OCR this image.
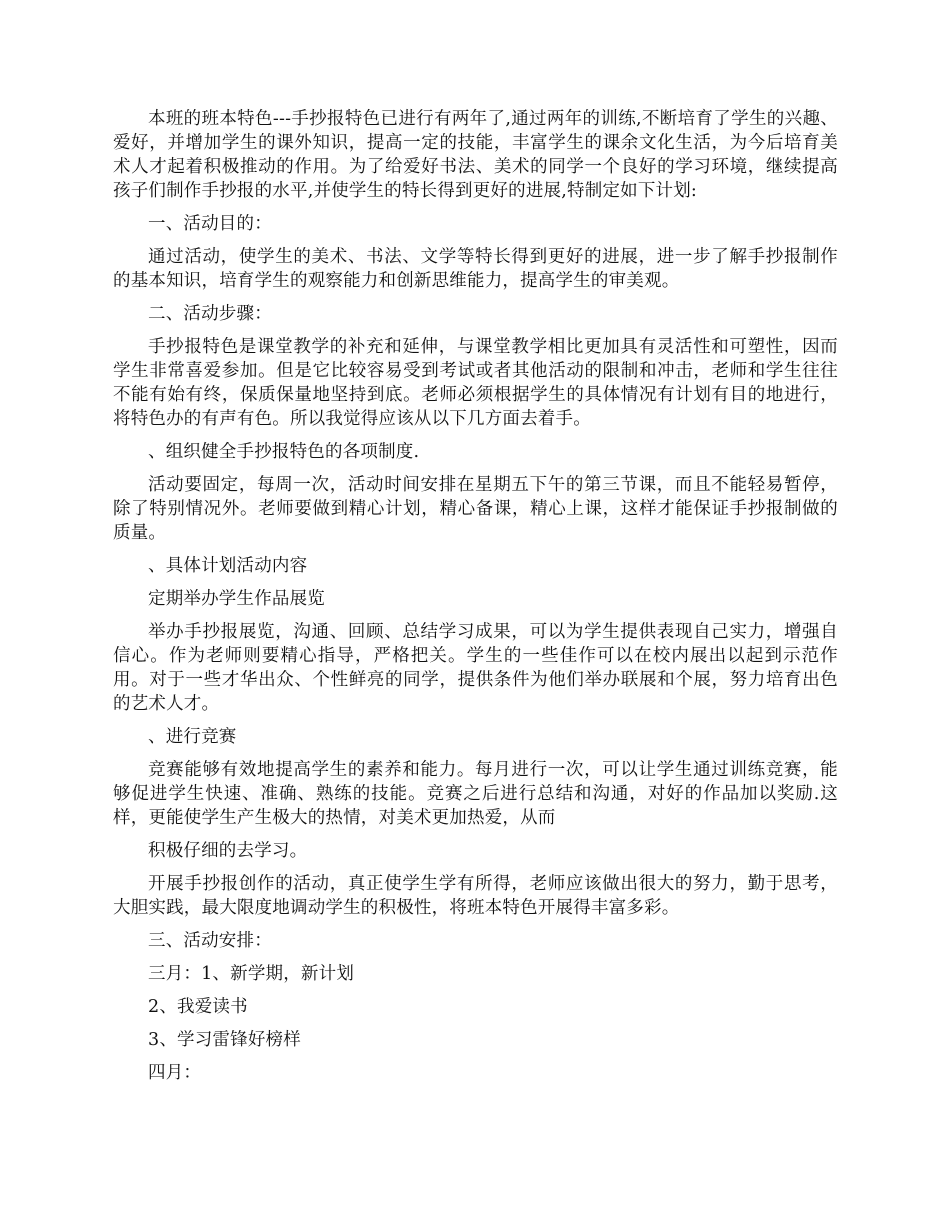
本班的班本特色---手抄报特色已进行有两年了,通过两年的训练,不断培育了学生的兴趣、爱好，并增加学生的课外知识，提高一定的技能，丰富学生的课余文化生活，为今后培育美术人才起着积极推动的作用。为了给爱好书法、美术的同学一个良好的学习环境，继续提高孩子们制作手抄报的水平,并使学生的特长得到更好的进展,特制定如下计划:

一、活动目的：

通过活动，使学生的美术、书法、文学等特长得到更好的进展，进一步了解手抄报制作的基本知识，培育学生的观察能力和创新思维能力，提高学生的审美观。

二、活动步骤：

手抄报特色是课堂教学的补充和延伸，与课堂教学相比更加具有灵活性和可塑性，因而学生非常喜爱参加。但是它比较容易受到考试或者其他活动的限制和冲击，老师和学生往往不能有始有终，保质保量地坚持到底。老师必须根据学生的具体情况有计划有目的地进行，将特色办的有声有色。所以我觉得应该从以下几方面去着手。

、组织健全手抄报特色的各项制度.

活动要固定，每周一次，活动时间安排在星期五下午的第三节课，而且不能轻易暂停，除了特别情况外。老师要做到精心计划，精心备课，精心上课，这样才能保证手抄报制做的质量。

、具体计划活动内容

定期举办学生作品展览

举办手抄报展览，沟通、回顾、总结学习成果，可以为学生提供表现自己实力，增强自信心。作为老师则要精心指导，严格把关。学生的一些佳作可以在校内展出以起到示范作用。对于一些才华出众、个性鲜亮的同学，提供条件为他们举办联展和个展，努力培育出色的艺术人才。

、进行竞赛

竞赛能够有效地提高学生的素养和能力。每月进行一次，可以让学生通过训练竞赛，能够促进学生快速、准确、熟练的技能。竞赛之后进行总结和沟通，对好的作品加以奖励.这样，更能使学生产生极大的热情，对美术更加热爱，从而

积极仔细的去学习。

开展手抄报创作的活动，真正使学生学有所得，老师应该做出很大的努力，勤于思考，大胆实践，最大限度地调动学生的积极性，将班本特色开展得丰富多彩。

三、活动安排：

三月：1、新学期，新计划

2、我爱读书

3、学习雷锋好榜样

四月：
